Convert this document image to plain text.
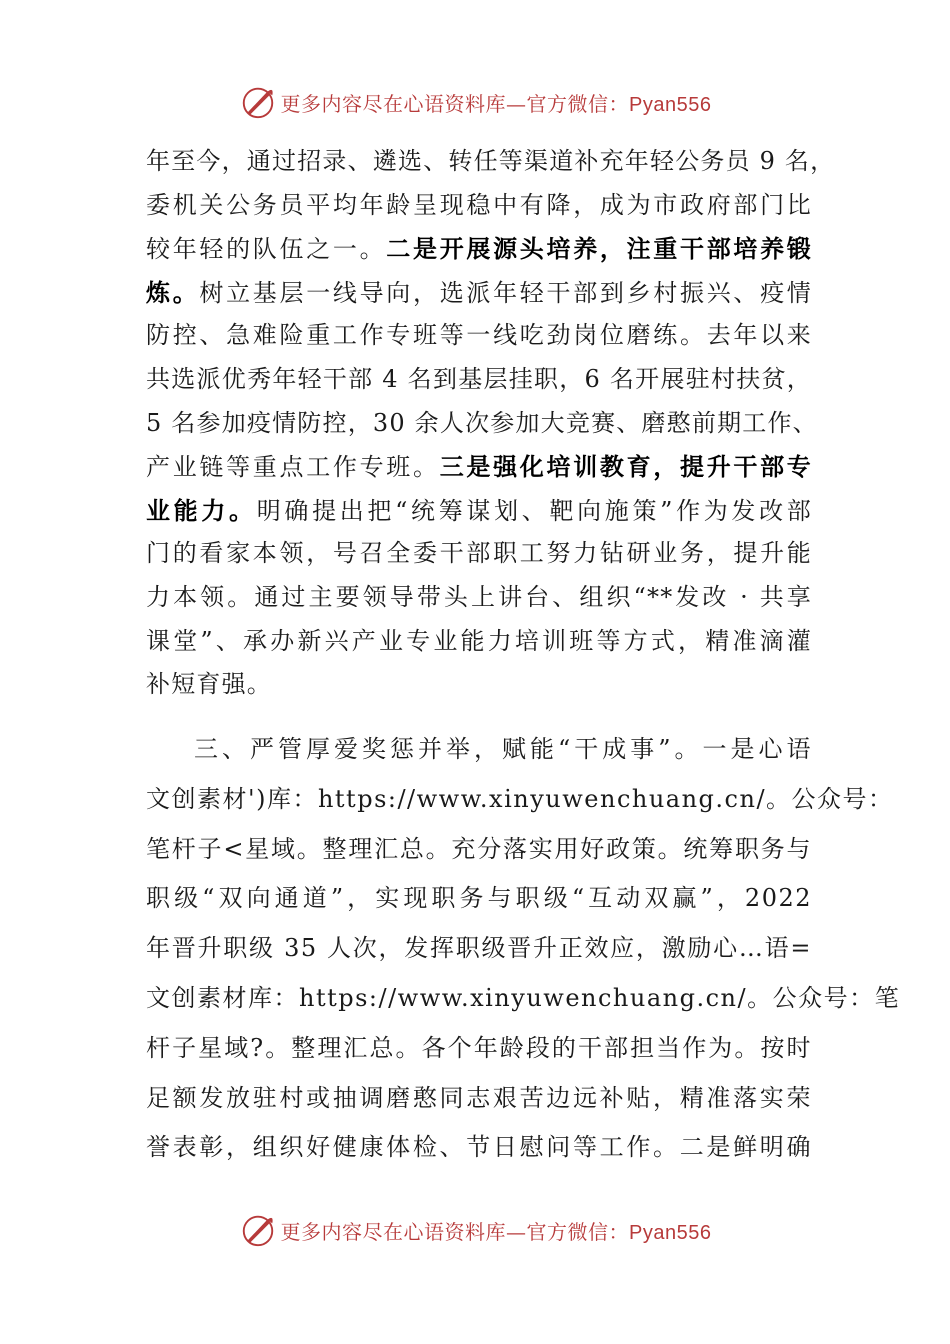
更多内容尽在心语资料库—官方微信：Pyan556
年至今，通过招录、遴选、转任等渠道补充年轻公务员 9 名，
委机关公务员平均年龄呈现稳中有降，成为市政府部门比
较年轻的队伍之一。二是开展源头培养，注重干部培养锻
炼。树立基层一线导向，选派年轻干部到乡村振兴、疫情
防控、急难险重工作专班等一线吃劲岗位磨练。去年以来
共选派优秀年轻干部 4 名到基层挂职，6 名开展驻村扶贫，
5 名参加疫情防控，30 余人次参加大竞赛、磨憨前期工作、
产业链等重点工作专班。三是强化培训教育，提升干部专
业能力。明确提出把“统筹谋划、靶向施策”作为发改部
门的看家本领，号召全委干部职工努力钻研业务，提升能
力本领。通过主要领导带头上讲台、组织“**发改 · 共享
课堂”、承办新兴产业专业能力培训班等方式，精准滴灌
补短育强。
三、严管厚爱奖惩并举，赋能“干成事”。一是心语
文创素材')库：https://www.xinyuwenchuang.cn/。公众号：
笔杆子<星域。整理汇总。充分落实用好政策。统筹职务与
职级“双向通道”，实现职务与职级“互动双赢”，2022
年晋升职级 35 人次，发挥职级晋升正效应，激励心…语=
文创素材库：https://www.xinyuwenchuang.cn/。公众号：笔
杆子星域?。整理汇总。各个年龄段的干部担当作为。按时
足额发放驻村或抽调磨憨同志艰苦边远补贴，精准落实荣
誉表彰，组织好健康体检、节日慰问等工作。二是鲜明确
更多内容尽在心语资料库—官方微信：Pyan556
